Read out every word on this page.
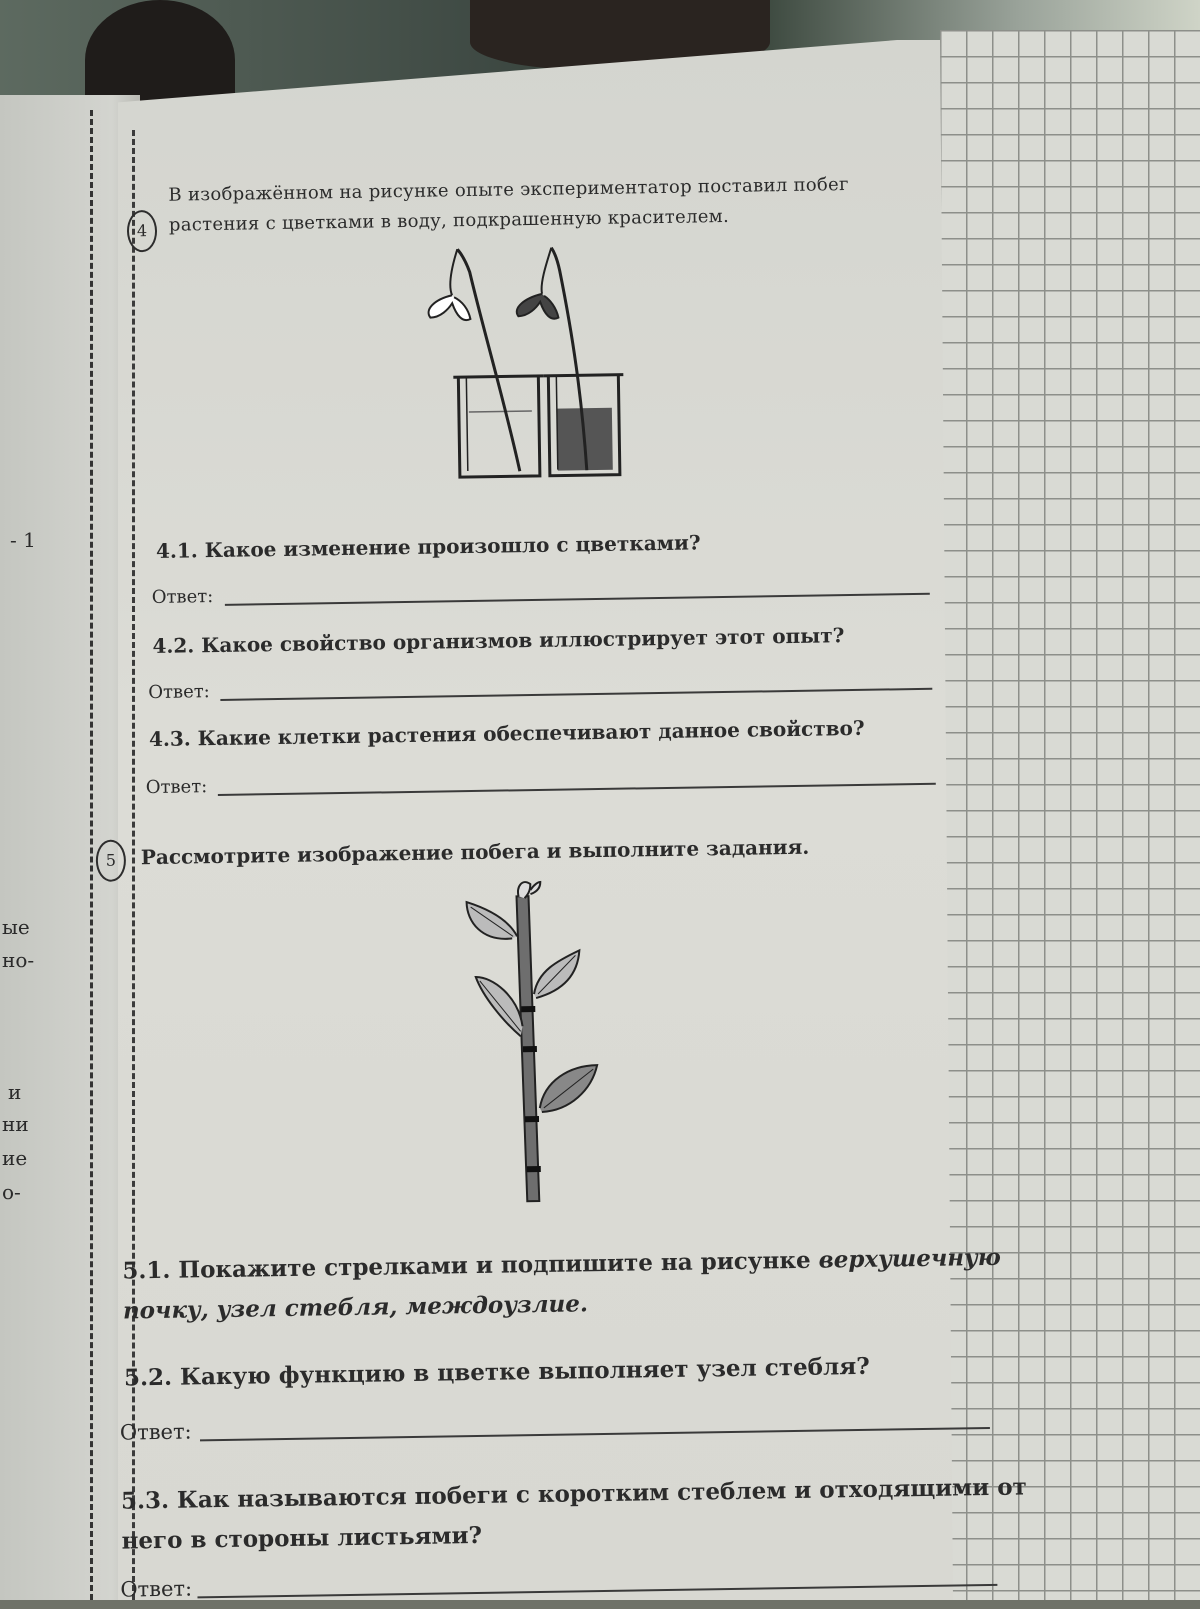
- 1
ые
но-
и
ни
ие
о-
4
В изображённом на рисунке опыте экспериментатор поставил побег
растения с цветками в воду, подкрашенную красителем.
4.1. Какое изменение произошло с цветками?
Ответ:
4.2. Какое свойство организмов иллюстрирует этот опыт?
Ответ:
4.3. Какие клетки растения обеспечивают данное свойство?
Ответ:
5	Рассмотрите изображение побега и выполните задания.
5.1. Покажите стрелками и подпишите на рисунке верхушечную
почку, узел стебля, междоузлие.
5.2. Какую функцию в цветке выполняет узел стебля?
Ответ:
5.3. Как называются побеги с коротким стеблем и отходящими от
него в стороны листьями?
Ответ:
